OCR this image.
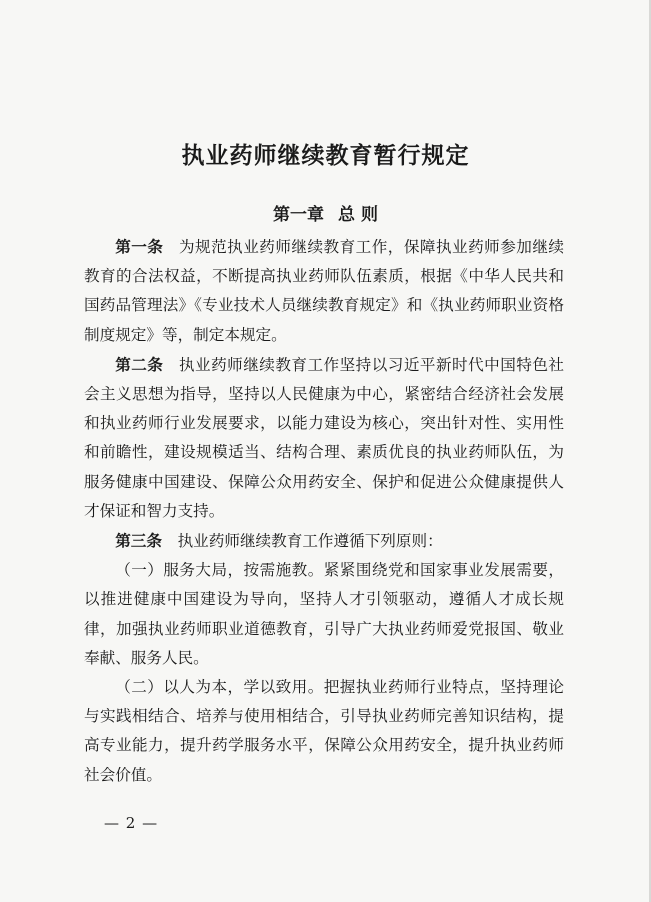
执业药师继续教育暂行规定
第一章 总 则

第一条 为规范执业药师继续教育工作，保障执业药师参加继续教育的合法权益，不断提高执业药师队伍素质，根据《中华人民共和国药品管理法》《专业技术人员继续教育规定》和《执业药师职业资格制度规定》等，制定本规定。

第二条 执业药师继续教育工作坚持以习近平新时代中国特色社会主义思想为指导，坚持以人民健康为中心，紧密结合经济社会发展和执业药师行业发展要求，以能力建设为核心，突出针对性、实用性和前瞻性，建设规模适当、结构合理、素质优良的执业药师队伍，为服务健康中国建设、保障公众用药安全、保护和促进公众健康提供人才保证和智力支持。

第三条 执业药师继续教育工作遵循下列原则：

（一）服务大局，按需施教。紧紧围绕党和国家事业发展需要，以推进健康中国建设为导向，坚持人才引领驱动，遵循人才成长规律，加强执业药师职业道德教育，引导广大执业药师爱党报国、敬业奉献、服务人民。

（二）以人为本，学以致用。把握执业药师行业特点，坚持理论与实践相结合、培养与使用相结合，引导执业药师完善知识结构，提高专业能力，提升药学服务水平，保障公众用药安全，提升执业药师社会价值。

— 2 —
